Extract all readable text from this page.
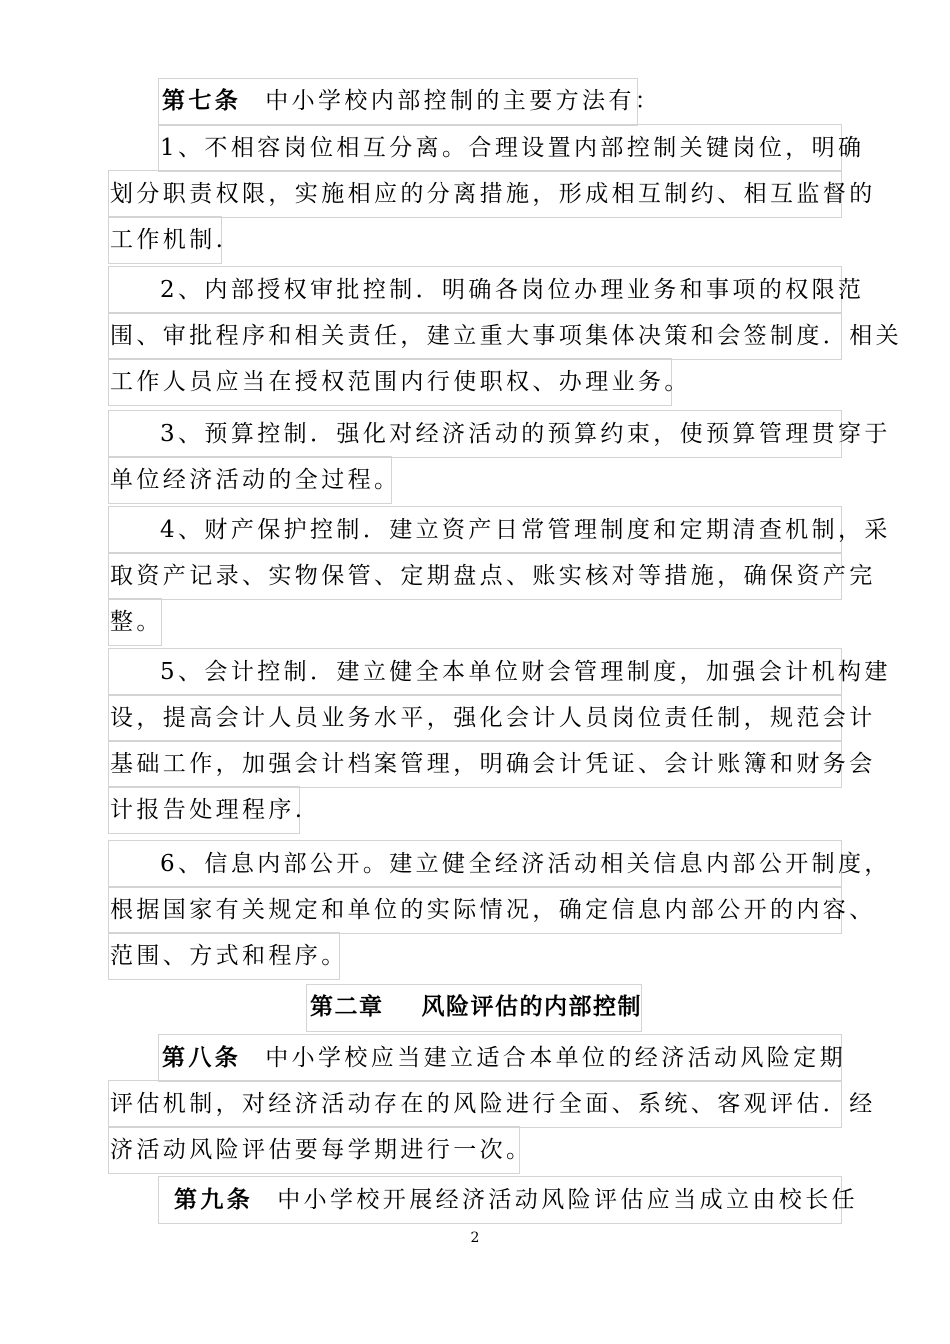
第七条 中小学校内部控制的主要方法有：
1、不相容岗位相互分离。合理设置内部控制关键岗位，明确
划分职责权限，实施相应的分离措施，形成相互制约、相互监督的
工作机制.
2、内部授权审批控制．明确各岗位办理业务和事项的权限范
围、审批程序和相关责任，建立重大事项集体决策和会签制度．相关
工作人员应当在授权范围内行使职权、办理业务。
3、预算控制．强化对经济活动的预算约束，使预算管理贯穿于
单位经济活动的全过程。
4、财产保护控制．建立资产日常管理制度和定期清查机制，采
取资产记录、实物保管、定期盘点、账实核对等措施，确保资产完
整。
5、会计控制．建立健全本单位财会管理制度，加强会计机构建
设，提高会计人员业务水平，强化会计人员岗位责任制，规范会计
基础工作，加强会计档案管理，明确会计凭证、会计账簿和财务会
计报告处理程序.
6、信息内部公开。建立健全经济活动相关信息内部公开制度，
根据国家有关规定和单位的实际情况，确定信息内部公开的内容、
范围、方式和程序。
第二章    风险评估的内部控制
第八条 中小学校应当建立适合本单位的经济活动风险定期
评估机制，对经济活动存在的风险进行全面、系统、客观评估．经
济活动风险评估要每学期进行一次。
第九条 中小学校开展经济活动风险评估应当成立由校长任
2
